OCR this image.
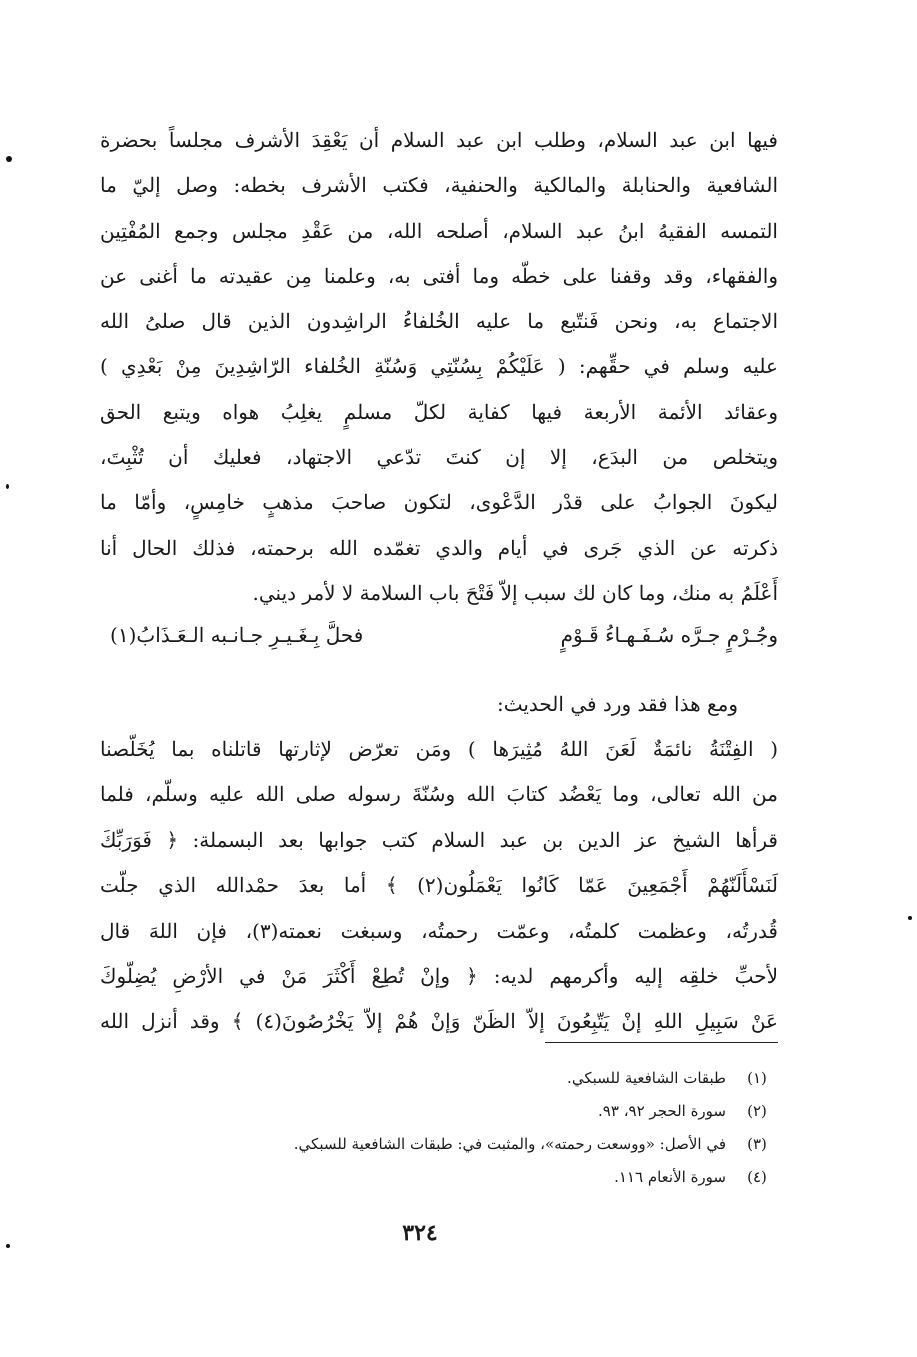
فيها ابن عبد السلام، وطلب ابن عبد السلام أن يَعْقِدَ الأشرف مجلساً بحضرة
الشافعية والحنابلة والمالكية والحنفية، فكتب الأشرف بخطه: وصل إليّ ما
التمسه الفقيهُ ابنُ عبد السلام، أصلحه الله، من عَقْدِ مجلس وجمع المُفْتِين
والفقهاء، وقد وقفنا على خطّه وما أفتى به، وعلمنا مِن عقيدته ما أغنى عن
الاجتماع به، ونحن فَنتّبع ما عليه الخُلفاءُ الراشِدون الذين قال صلىُ الله
عليه وسلم في حقِّهم: ( عَلَيْكُمْ بِسُنّتِي وَسُنّةِ الخُلفاء الرّاشِدِينَ مِنْ بَعْدِي )
وعقائد الأئمة الأربعة فيها كفاية لكلّ مسلمٍ يغلِبُ هواه ويتبع الحق
ويتخلص من البدَع، إلا إن كنتَ تدّعي الاجتهاد، فعليك أن تُثْبِتَ،
ليكونَ الجوابُ على قدْر الدَّعْوى، لتكون صاحبَ مذهبٍ خامِسٍ، وأمّا ما
ذكرته عن الذي جَرى في أيام والدي تغمّده الله برحمته، فذلك الحال أنا
أَعْلَمُ به منك، وما كان لك سبب إلاّ فَتْحَ باب السلامة لا لأمر ديني.
وجُـرْمٍ جـرَّه سُـفَـهـاءُ قَـوْمٍ
فحلَّ بِـغَـيـرِ جـانـبه الـعَـذَابُ(١)
ومع هذا فقد ورد في الحديث:
( الفِتْنَةُ نائمَةٌ لَعَنَ اللهُ مُثِيرَها ) ومَن تعرّض لإثارتها قاتلناه بما يُخَلّصنا
من الله تعالى، وما يَعْضُد كتابَ الله وسُنّةَ رسوله صلى الله عليه وسلّم، فلما
قرأها الشيخ عز الدين بن عبد السلام كتب جوابها بعد البسملة: ﴿ فَوَرَبِّكَ
لَنَسْأَلَنّهُمْ أَجْمَعِينَ عَمّا كَانُوا يَعْمَلُون(٢) ﴾ أما بعدَ حمْدالله الذي جلّت
قُدرتُه، وعظمت كلمتُه، وعمّت رحمتُه، وسبغت نعمته(٣)، فإن اللهَ قال
لأحبِّ خلقِه إليه وأكرمهم لديه: ﴿ وإنْ تُطِعْ أَكْثَرَ مَنْ في الأرْضِ يُضِلّوكَ
عَنْ سَبِيلِ اللهِ إنْ يَتّبِعُونَ إلاّ الظَنّ وَإنْ هُمْ إلاّ يَخْرُصُونَ(٤) ﴾ وقد أنزل الله
(١)طبقات الشافعية للسبكي.
(٢)سورة الحجر ٩٢، ٩٣.
(٣)في الأصل: «ووسعت رحمته»، والمثبت في: طبقات الشافعية للسبكي.
(٤)سورة الأنعام ١١٦.
٣٢٤
